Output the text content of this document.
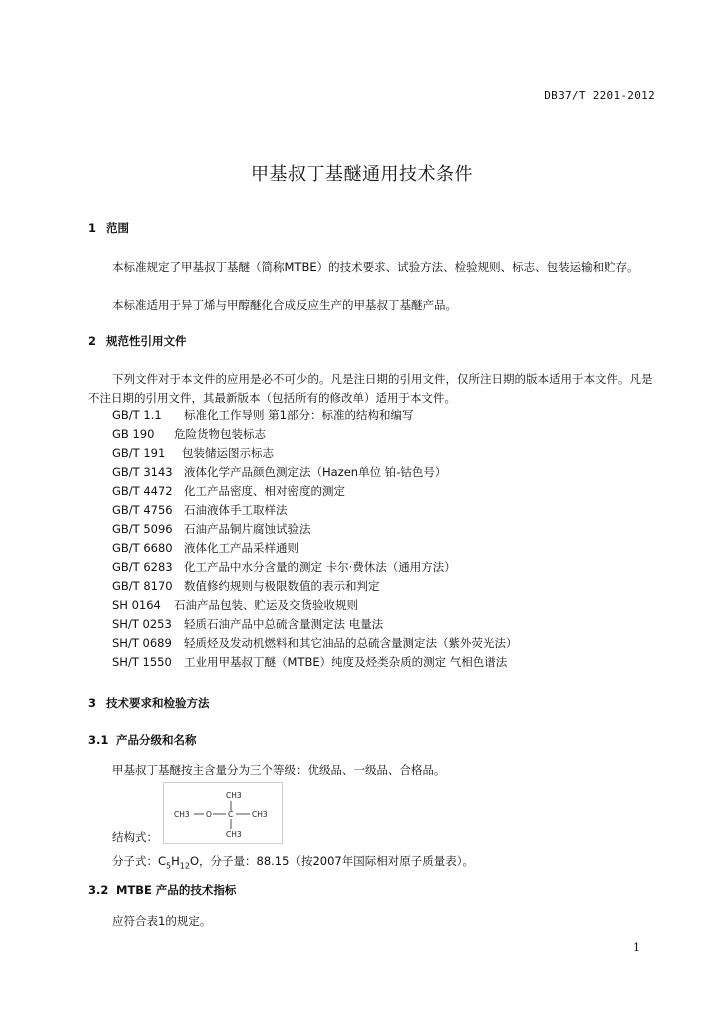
DB37/T 2201-2012
甲基叔丁基醚通用技术条件
1 范围
本标准规定了甲基叔丁基醚（简称MTBE）的技术要求、试验方法、检验规则、标志、包装运输和贮存。
本标准适用于异丁烯与甲醇醚化合成反应生产的甲基叔丁基醚产品。
2 规范性引用文件
下列文件对于本文件的应用是必不可少的。凡是注日期的引用文件，仅所注日期的版本适用于本文件。凡是不注日期的引用文件，其最新版本（包括所有的修改单）适用于本文件。
GB/T 1.1 标准化工作导则 第1部分：标准的结构和编写
GB 190 危险货物包装标志
GB/T 191 包装储运图示标志
GB/T 3143 液体化学产品颜色测定法（Hazen单位 铂-钴色号）
GB/T 4472 化工产品密度、相对密度的测定
GB/T 4756 石油液体手工取样法
GB/T 5096 石油产品铜片腐蚀试验法
GB/T 6680 液体化工产品采样通则
GB/T 6283 化工产品中水分含量的测定 卡尔·费休法（通用方法）
GB/T 8170 数值修约规则与极限数值的表示和判定
SH 0164 石油产品包装、贮运及交货验收规则
SH/T 0253 轻质石油产品中总硫含量测定法 电量法
SH/T 0689 轻质烃及发动机燃料和其它油品的总硫含量测定法（紫外荧光法）
SH/T 1550 工业用甲基叔丁醚（MTBE）纯度及烃类杂质的测定 气相色谱法
3 技术要求和检验方法
3.1 产品分级和名称
甲基叔丁基醚按主含量分为三个等级：优级品、一级品、合格品。
CH3
CH3 O C	CH3
CH3
结构式：
分子式：$C_5H_{12}O$，分子量：88.15（按2007年国际相对原子质量表）。
3.2 MTBE 产品的技术指标
应符合表1的规定。
1
